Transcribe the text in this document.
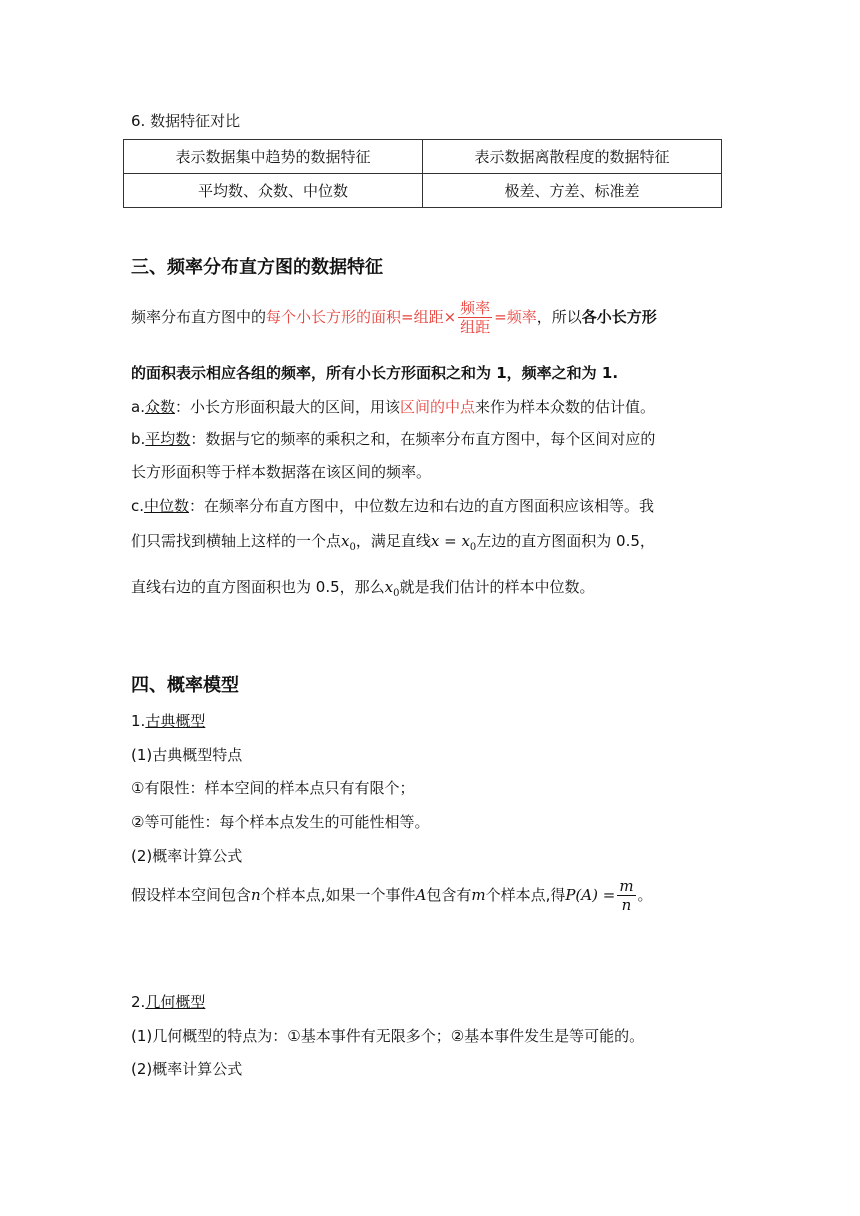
6. 数据特征对比
表示数据集中趋势的数据特征	表示数据离散程度的数据特征
平均数、众数、中位数	极差、方差、标准差
三、频率分布直方图的数据特征
频率分布直方图中的每个小长方形的面积=组距× $\frac{\text{频率}}{\text{组距}}$ =频率，所以各小长方形
的面积表示相应各组的频率，所有小长方形面积之和为 1，频率之和为 1.
a.众数：小长方形面积最大的区间，用该区间的中点来作为样本众数的估计值。
b.平均数：数据与它的频率的乘积之和，在频率分布直方图中，每个区间对应的
长方形面积等于样本数据落在该区间的频率。
c.中位数：在频率分布直方图中，中位数左边和右边的直方图面积应该相等。我
们只需找到横轴上这样的一个点$x_0$，满足直线$x = x_0$左边的直方图面积为 0.5，
直线右边的直方图面积也为 0.5，那么$x_0$就是我们估计的样本中位数。
四、概率模型
1.古典概型
(1)古典概型特点
①有限性：样本空间的样本点只有有限个；
②等可能性：每个样本点发生的可能性相等。
(2)概率计算公式
假设样本空间包含n个样本点,如果一个事件A包含有m个样本点,得$P(A) = \frac{m}{n}$ 。
2.几何概型
(1)几何概型的特点为：①基本事件有无限多个；②基本事件发生是等可能的。
(2)概率计算公式
